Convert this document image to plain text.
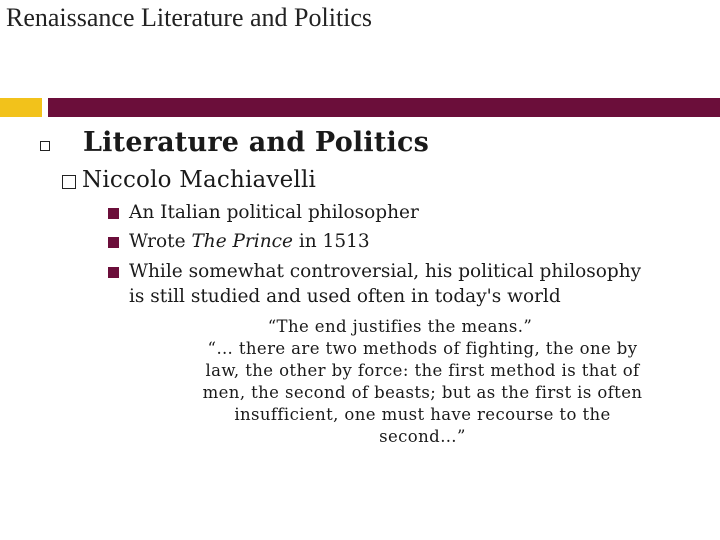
Renaissance Literature and Politics
Literature and Politics
Niccolo Machiavelli
An Italian political philosopher
Wrote The Prince in 1513
While somewhat controversial, his political philosophy
is still studied and used often in today's world
“The end justifies the means.”
“… there are two methods of fighting, the one by
law, the other by force: the first method is that of
men, the second of beasts; but as the first is often
insufficient, one must have recourse to the
second…”
